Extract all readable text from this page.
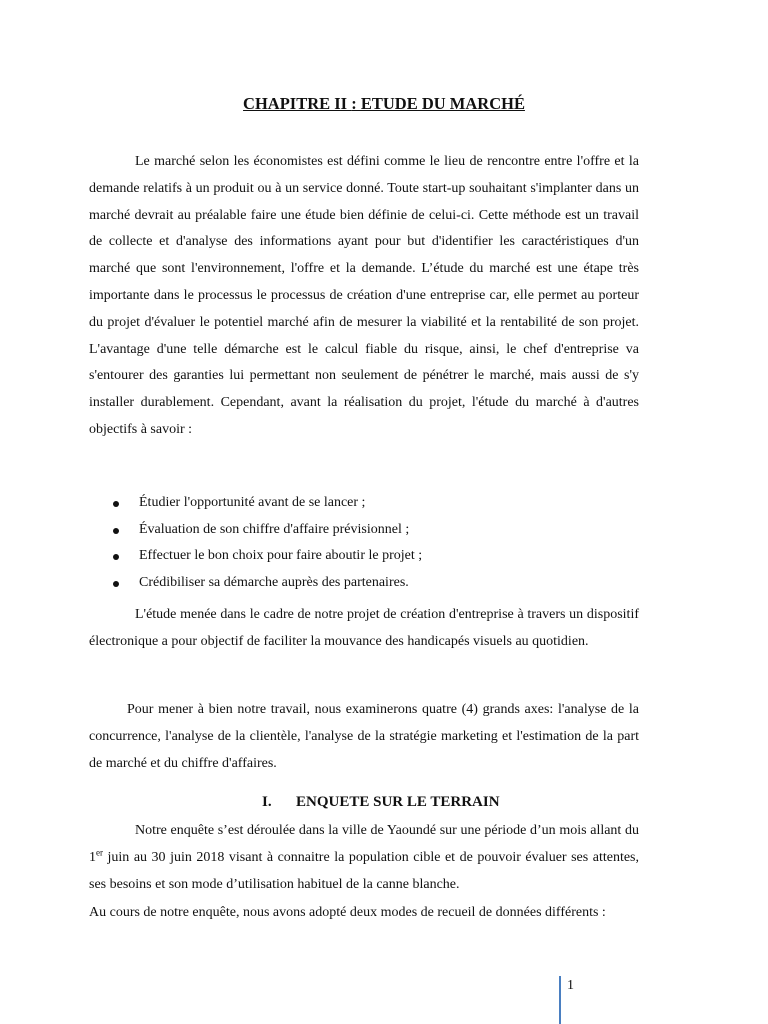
CHAPITRE II : ETUDE DU MARCHÉ

Le marché selon les économistes est défini comme le lieu de rencontre entre l'offre et la demande relatifs à un produit ou à un service donné. Toute start-up souhaitant s'implanter dans un marché devrait au préalable faire une étude bien définie de celui-ci. Cette méthode est un travail de collecte et d'analyse des informations ayant pour but d'identifier les caractéristiques d'un marché que sont l'environnement, l'offre et la demande. L’étude du marché est une étape très importante dans le processus le processus de création d'une entreprise car, elle permet au porteur du projet d'évaluer le potentiel marché afin de mesurer la viabilité et la rentabilité de son projet. L'avantage d'une telle démarche est le calcul fiable du risque, ainsi, le chef d'entreprise va s'entourer des garanties lui permettant non seulement de pénétrer le marché, mais aussi de s'y installer durablement. Cependant, avant la réalisation du projet, l'étude du marché à d'autres objectifs à savoir :

Étudier l'opportunité avant de se lancer ;
Évaluation de son chiffre d'affaire prévisionnel ;
Effectuer le bon choix pour faire aboutir le projet ;
Crédibiliser sa démarche auprès des partenaires.

L'étude menée dans le cadre de notre projet de création d'entreprise à travers un dispositif électronique a pour objectif de faciliter la mouvance des handicapés visuels au quotidien.

Pour mener à bien notre travail, nous examinerons quatre (4) grands axes: l'analyse de la concurrence, l'analyse de la clientèle, l'analyse de la stratégie marketing et l'estimation de la part de marché et du chiffre d'affaires.

I. ENQUETE SUR LE TERRAIN

Notre enquête s’est déroulée dans la ville de Yaoundé sur une période d’un mois allant du 1er juin au 30 juin 2018 visant à connaitre la population cible et de pouvoir évaluer ses attentes, ses besoins et son mode d’utilisation habituel de la canne blanche.

Au cours de notre enquête, nous avons adopté deux modes de recueil de données différents :

1
